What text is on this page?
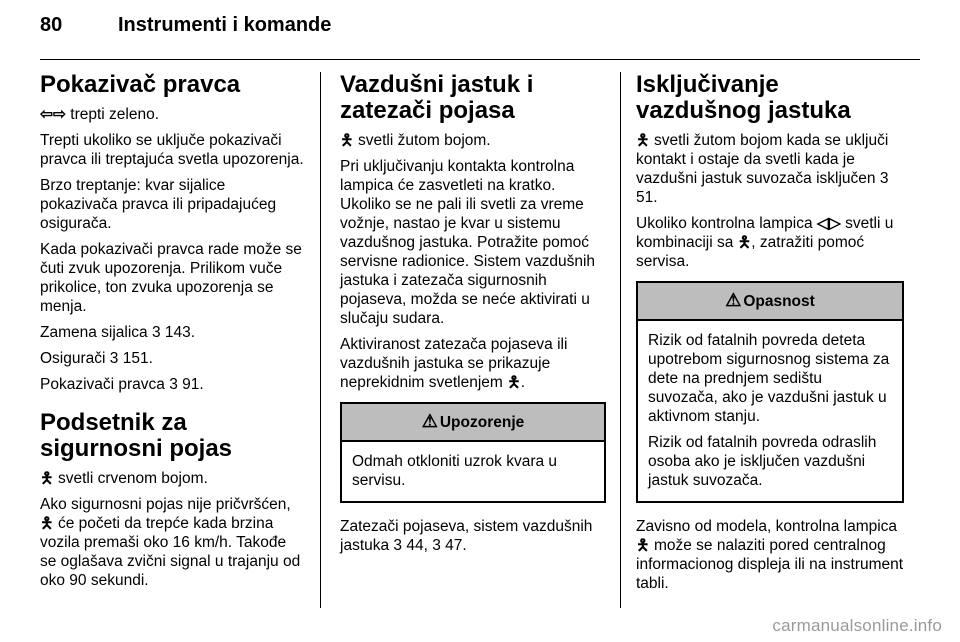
80	Instrumenti i komande
Pokazivač pravca

⇦⇨ trepti zeleno.

Trepti ukoliko se uključe pokazivači pravca ili treptajuća svetla upozorenja.

Brzo treptanje: kvar sijalice pokazivača pravca ili pripadajućeg osigurača.

Kada pokazivači pravca rade može se čuti zvuk upozorenja. Prilikom vuče prikolice, ton zvuka upozorenja se menja.

Zamena sijalica 3 143.

Osigurači 3 151.

Pokazivači pravca 3 91.

Podsetnik za sigurnosni pojas

🯅 svetli crvenom bojom.

Ako sigurnosni pojas nije pričvršćen, 🯅 će početi da trepće kada brzina vozila premaši oko 16 km/h. Takođe se oglašava zvični signal u trajanju od oko 90 sekundi.

Vazdušni jastuk i zatezači pojasa

🯅 svetli žutom bojom.

Pri uključivanju kontakta kontrolna lampica će zasvetleti na kratko. Ukoliko se ne pali ili svetli za vreme vožnje, nastao je kvar u sistemu vazdušnog jastuka. Potražite pomoć servisne radionice. Sistem vazdušnih jastuka i zatezača sigurnosnih pojaseva, možda se neće aktivirati u slučaju sudara.

Aktiviranost zatezača pojaseva ili vazdušnih jastuka se prikazuje neprekidnim svetlenjem 🯅.

⚠ Upozorenje

Odmah otkloniti uzrok kvara u servisu.

Zatezači pojaseva, sistem vazdušnih jastuka 3 44, 3 47.

Isključivanje vazdušnog jastuka

🯅 svetli žutom bojom kada se uključi kontakt i ostaje da svetli kada je vazdušni jastuk suvozača isključen 3 51.

Ukoliko kontrolna lampica ◁▷ svetli u kombinaciji sa 🯅, zatražiti pomoć servisa.

⚠ Opasnost

Rizik od fatalnih povreda deteta upotrebom sigurnosnog sistema za dete na prednjem sedištu suvozača, ako je vazdušni jastuk u aktivnom stanju.

Rizik od fatalnih povreda odraslih osoba ako je isključen vazdušni jastuk suvozača.

Zavisno od modela, kontrolna lampica 🯅 može se nalaziti pored centralnog informacionog displeja ili na instrument tabli.

carmanualsonline.info
